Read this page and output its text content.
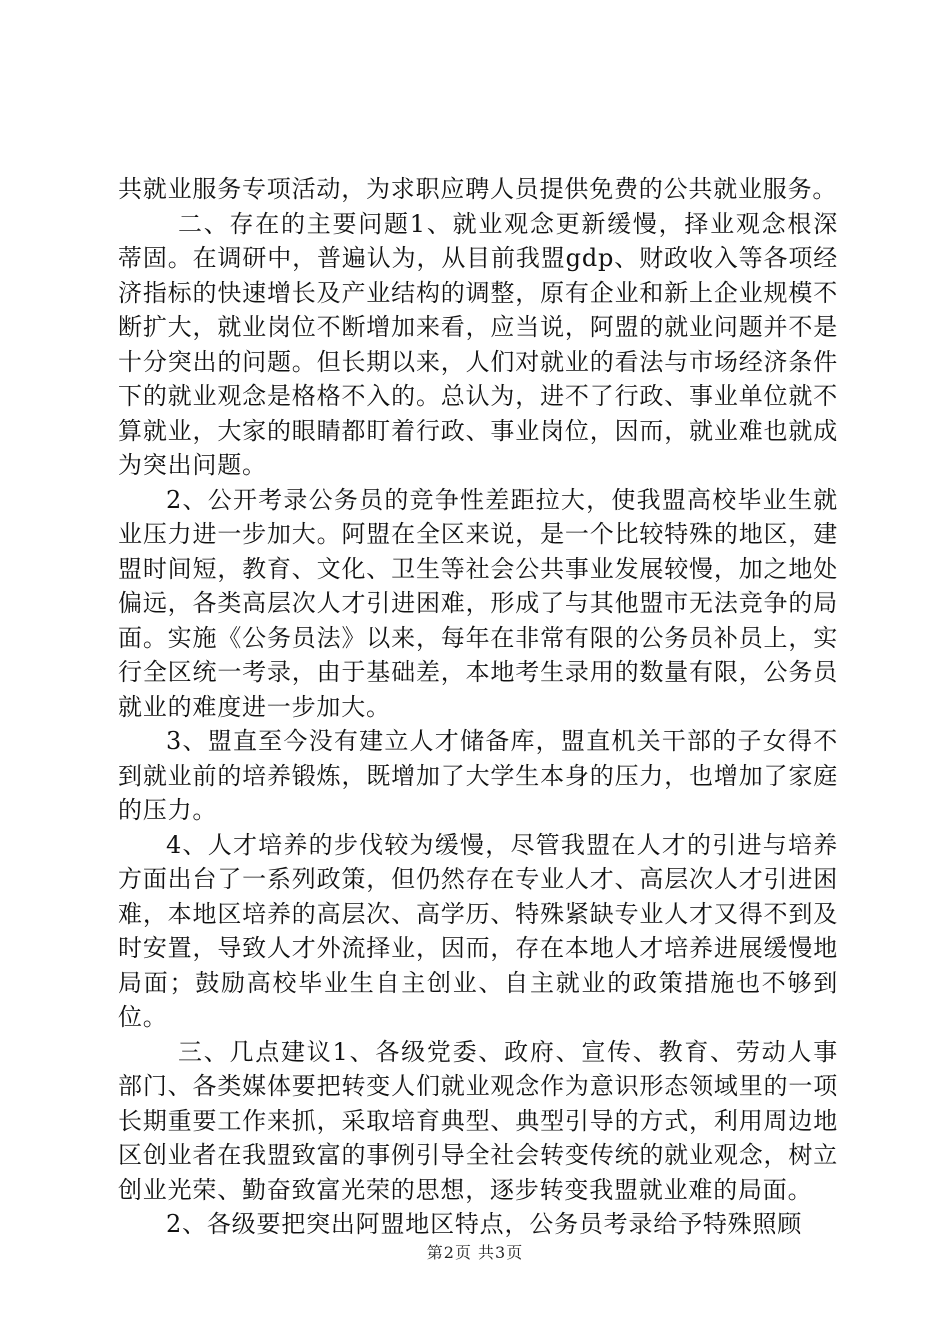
共就业服务专项活动，为求职应聘人员提供免费的公共就业服务。

二、存在的主要问题1、就业观念更新缓慢，择业观念根深蒂固。在调研中，普遍认为，从目前我盟gdp、财政收入等各项经济指标的快速增长及产业结构的调整，原有企业和新上企业规模不断扩大，就业岗位不断增加来看，应当说，阿盟的就业问题并不是十分突出的问题。但长期以来，人们对就业的看法与市场经济条件下的就业观念是格格不入的。总认为，进不了行政、事业单位就不算就业，大家的眼睛都盯着行政、事业岗位，因而，就业难也就成为突出问题。

2、公开考录公务员的竞争性差距拉大，使我盟高校毕业生就业压力进一步加大。阿盟在全区来说，是一个比较特殊的地区，建盟时间短，教育、文化、卫生等社会公共事业发展较慢，加之地处偏远，各类高层次人才引进困难，形成了与其他盟市无法竞争的局面。实施《公务员法》以来，每年在非常有限的公务员补员上，实行全区统一考录，由于基础差，本地考生录用的数量有限，公务员就业的难度进一步加大。

3、盟直至今没有建立人才储备库，盟直机关干部的子女得不到就业前的培养锻炼，既增加了大学生本身的压力，也增加了家庭的压力。

4、人才培养的步伐较为缓慢，尽管我盟在人才的引进与培养方面出台了一系列政策，但仍然存在专业人才、高层次人才引进困难，本地区培养的高层次、高学历、特殊紧缺专业人才又得不到及时安置，导致人才外流择业，因而，存在本地人才培养进展缓慢地局面；鼓励高校毕业生自主创业、自主就业的政策措施也不够到位。

三、几点建议1、各级党委、政府、宣传、教育、劳动人事部门、各类媒体要把转变人们就业观念作为意识形态领域里的一项长期重要工作来抓，采取培育典型、典型引导的方式，利用周边地区创业者在我盟致富的事例引导全社会转变传统的就业观念，树立创业光荣、勤奋致富光荣的思想，逐步转变我盟就业难的局面。

2、各级要把突出阿盟地区特点，公务员考录给予特殊照顾

第2页 共3页
